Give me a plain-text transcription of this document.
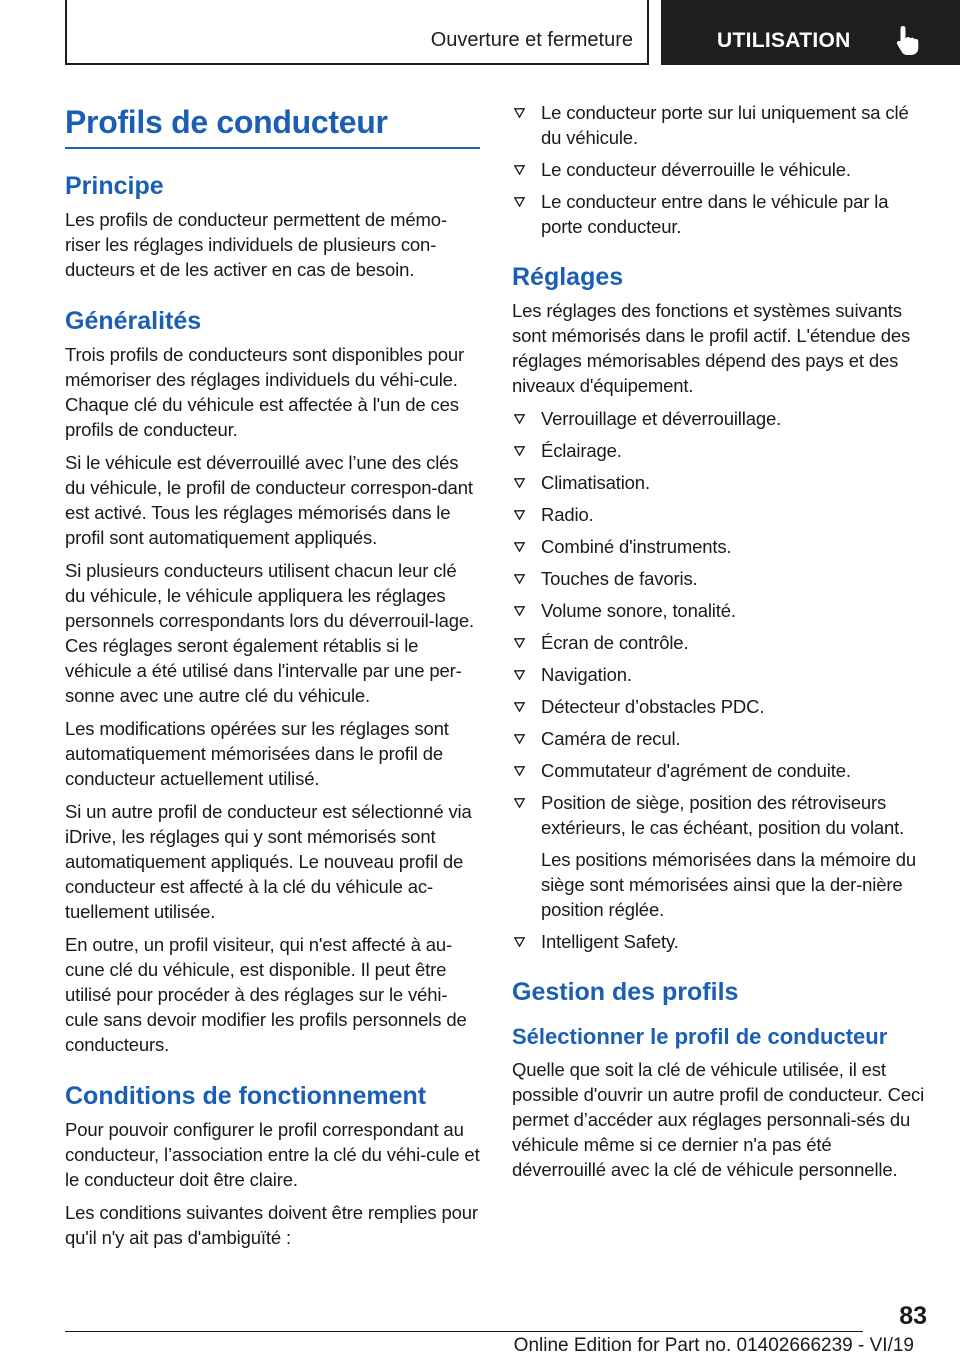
Ouverture et fermeture	UTILISATION
Profils de conducteur
Principe

Les profils de conducteur permettent de mémo-riser les réglages individuels de plusieurs con-ducteurs et de les activer en cas de besoin.

Généralités

Trois profils de conducteurs sont disponibles pour mémoriser des réglages individuels du véhi-cule. Chaque clé du véhicule est affectée à l'un de ces profils de conducteur.

Si le véhicule est déverrouillé avec l’une des clés du véhicule, le profil de conducteur correspon-dant est activé. Tous les réglages mémorisés dans le profil sont automatiquement appliqués.

Si plusieurs conducteurs utilisent chacun leur clé du véhicule, le véhicule appliquera les réglages personnels correspondants lors du déverrouil-lage. Ces réglages seront également rétablis si le véhicule a été utilisé dans l'intervalle par une per-sonne avec une autre clé du véhicule.

Les modifications opérées sur les réglages sont automatiquement mémorisées dans le profil de conducteur actuellement utilisé.

Si un autre profil de conducteur est sélectionné via iDrive, les réglages qui y sont mémorisés sont automatiquement appliqués. Le nouveau profil de conducteur est affecté à la clé du véhicule ac-tuellement utilisée.

En outre, un profil visiteur, qui n'est affecté à au-cune clé du véhicule, est disponible. Il peut être utilisé pour procéder à des réglages sur le véhi-cule sans devoir modifier les profils personnels de conducteurs.

Conditions de fonctionnement

Pour pouvoir configurer le profil correspondant au conducteur, l’association entre la clé du véhi-cule et le conducteur doit être claire.

Les conditions suivantes doivent être remplies pour qu'il n'y ait pas d'ambiguïté :

Le conducteur porte sur lui uniquement sa clé du véhicule.
Le conducteur déverrouille le véhicule.
Le conducteur entre dans le véhicule par la porte conducteur.
Réglages

Les réglages des fonctions et systèmes suivants sont mémorisés dans le profil actif. L'étendue des réglages mémorisables dépend des pays et des niveaux d'équipement.

Verrouillage et déverrouillage.
Éclairage.
Climatisation.
Radio.
Combiné d'instruments.
Touches de favoris.
Volume sonore, tonalité.
Écran de contrôle.
Navigation.
Détecteur d’obstacles PDC.
Caméra de recul.
Commutateur d'agrément de conduite.
Position de siège, position des rétroviseurs extérieurs, le cas échéant, position du volant.

Les positions mémorisées dans la mémoire du siège sont mémorisées ainsi que la der-nière position réglée.

Intelligent Safety.
Gestion des profils
Sélectionner le profil de conducteur

Quelle que soit la clé de véhicule utilisée, il est possible d'ouvrir un autre profil de conducteur. Ceci permet d’accéder aux réglages personnali-sés du véhicule même si ce dernier n'a pas été déverrouillé avec la clé de véhicule personnelle.

83
Online Edition for Part no. 01402666239 - VI/19
